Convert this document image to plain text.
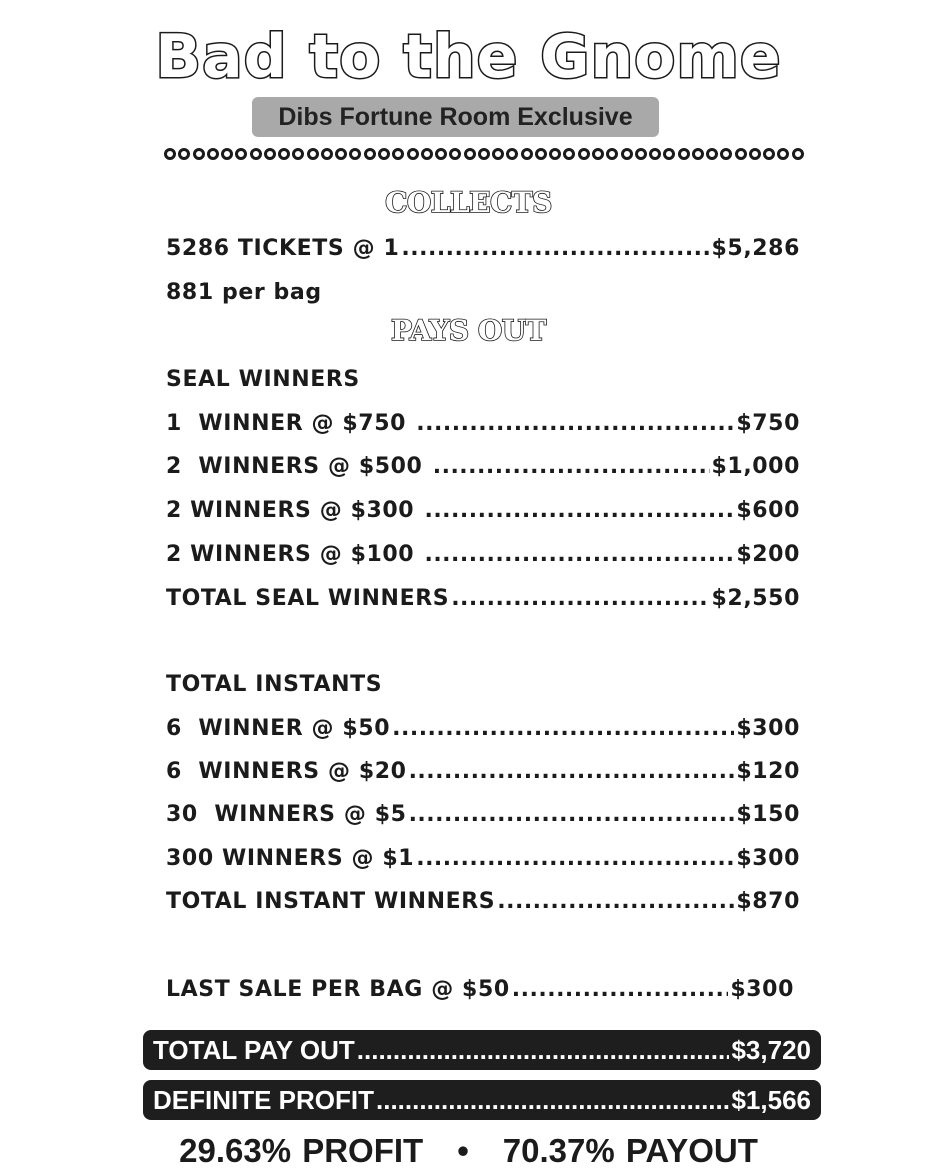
Bad to the Gnome
Dibs Fortune Room Exclusive
COLLECTS
5286 TICKETS @ 1 .....	$5,286
881 per bag
PAYS OUT
SEAL WINNERS
1  WINNER @ $750 .....	$750
2  WINNERS @ $500 .....	$1,000
2 WINNERS @ $300 .....	$600
2 WINNERS @ $100 .....	$200
TOTAL SEAL WINNERS .....	$2,550
TOTAL INSTANTS
6  WINNER @ $50 .....	$300
6  WINNERS @ $20 .....	$120
30  WINNERS @ $5 .....	$150
300 WINNERS @ $1 .....	$300
TOTAL INSTANT WINNERS .....	$870
LAST SALE PER BAG @ $50 .....	$300
TOTAL PAY OUT .....	$3,720
DEFINITE PROFIT .....	$1,566
29.63% PROFIT • 70.37% PAYOUT
